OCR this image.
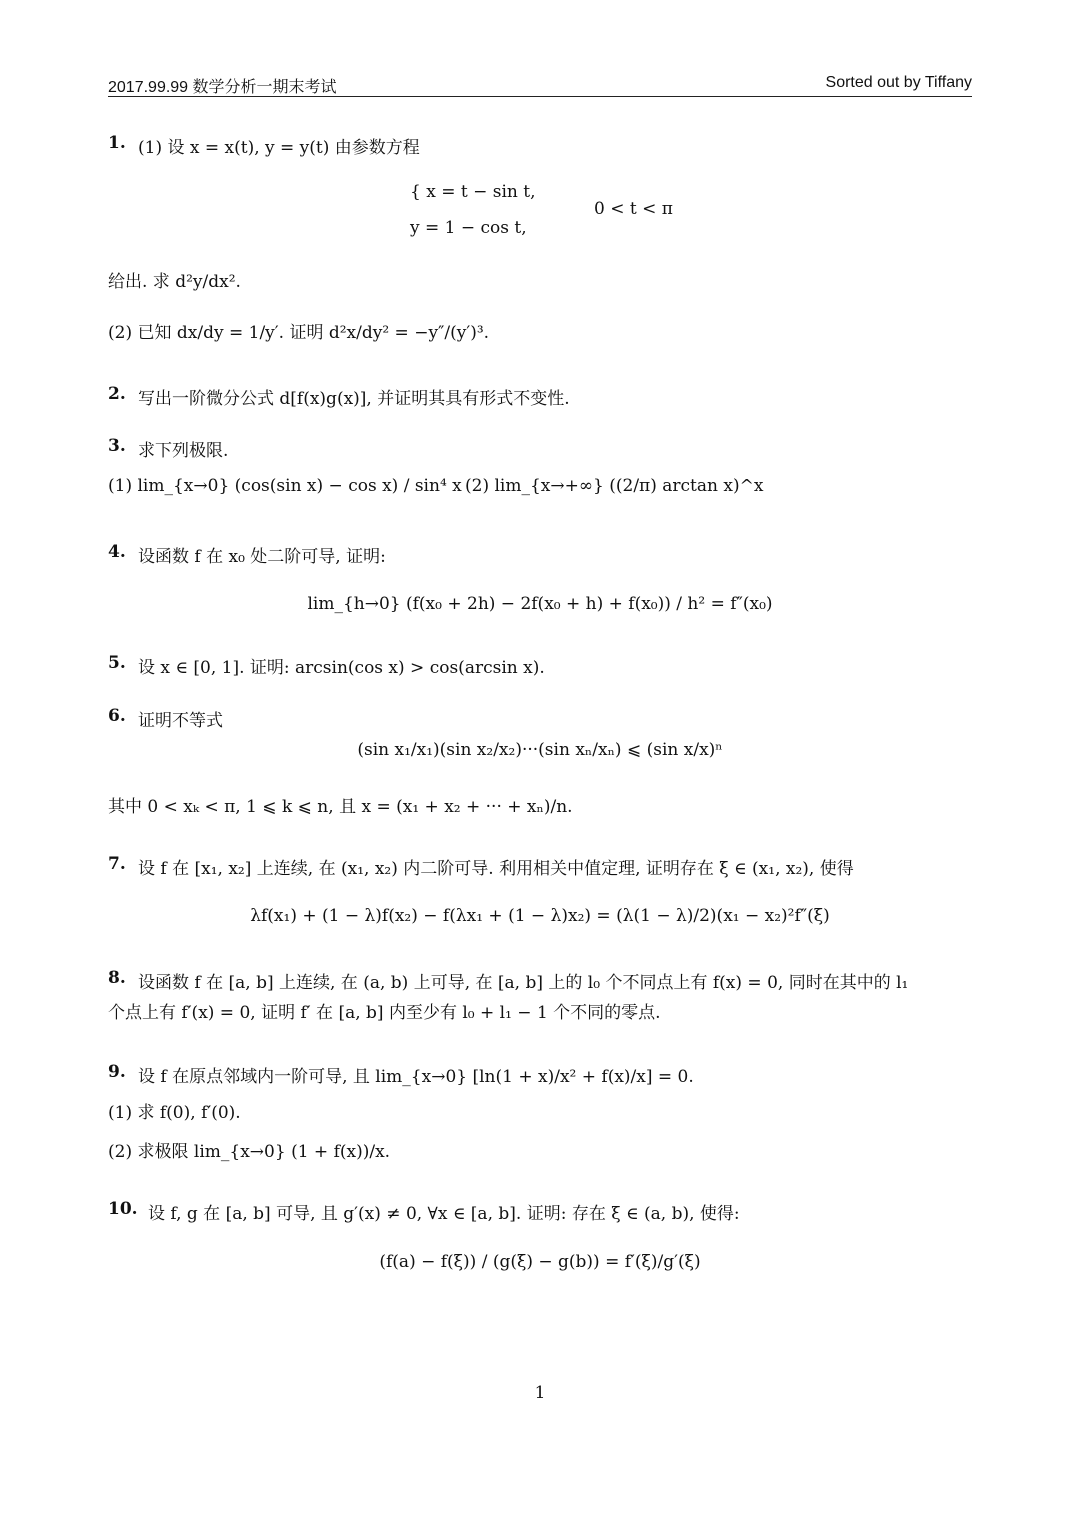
2017.99.99 数学分析一期末考试	Sorted out by Tiffany
1. (1) 设 x = x(t), y = y(t) 由参数方程
{ x = t − sin t,
y = 1 − cos t,
0 < t < π
给出. 求 d²y/dx².
(2) 已知 dx/dy = 1/y′. 证明 d²x/dy² = −y″/(y′)³.
2. 写出一阶微分公式 d[f(x)g(x)], 并证明其具有形式不变性.
3. 求下列极限.
(1) lim_{x→0} (cos(sin x) − cos x) / sin⁴ x (2) lim_{x→+∞} ((2/π) arctan x)^x
4. 设函数 f 在 x₀ 处二阶可导, 证明:
lim_{h→0} (f(x₀ + 2h) − 2f(x₀ + h) + f(x₀)) / h² = f″(x₀)
5. 设 x ∈ [0, 1]. 证明: arcsin(cos x) > cos(arcsin x).
6. 证明不等式
(sin x₁/x₁)(sin x₂/x₂)···(sin xₙ/xₙ) ⩽ (sin x/x)ⁿ
其中 0 < xₖ < π, 1 ⩽ k ⩽ n, 且 x = (x₁ + x₂ + ··· + xₙ)/n.
7. 设 f 在 [x₁, x₂] 上连续, 在 (x₁, x₂) 内二阶可导. 利用相关中值定理, 证明存在 ξ ∈ (x₁, x₂), 使得
λf(x₁) + (1 − λ)f(x₂) − f(λx₁ + (1 − λ)x₂) = (λ(1 − λ)/2)(x₁ − x₂)²f″(ξ)
8. 设函数 f 在 [a, b] 上连续, 在 (a, b) 上可导, 在 [a, b] 上的 l₀ 个不同点上有 f(x) = 0, 同时在其中的 l₁
个点上有 f′(x) = 0, 证明 f′ 在 [a, b] 内至少有 l₀ + l₁ − 1 个不同的零点.
9. 设 f 在原点邻域内一阶可导, 且 lim_{x→0} [ln(1 + x)/x² + f(x)/x] = 0.
(1) 求 f(0), f′(0).
(2) 求极限 lim_{x→0} (1 + f(x))/x.
10. 设 f, g 在 [a, b] 可导, 且 g′(x) ≠ 0, ∀x ∈ [a, b]. 证明: 存在 ξ ∈ (a, b), 使得:
(f(a) − f(ξ)) / (g(ξ) − g(b)) = f′(ξ)/g′(ξ)
1
